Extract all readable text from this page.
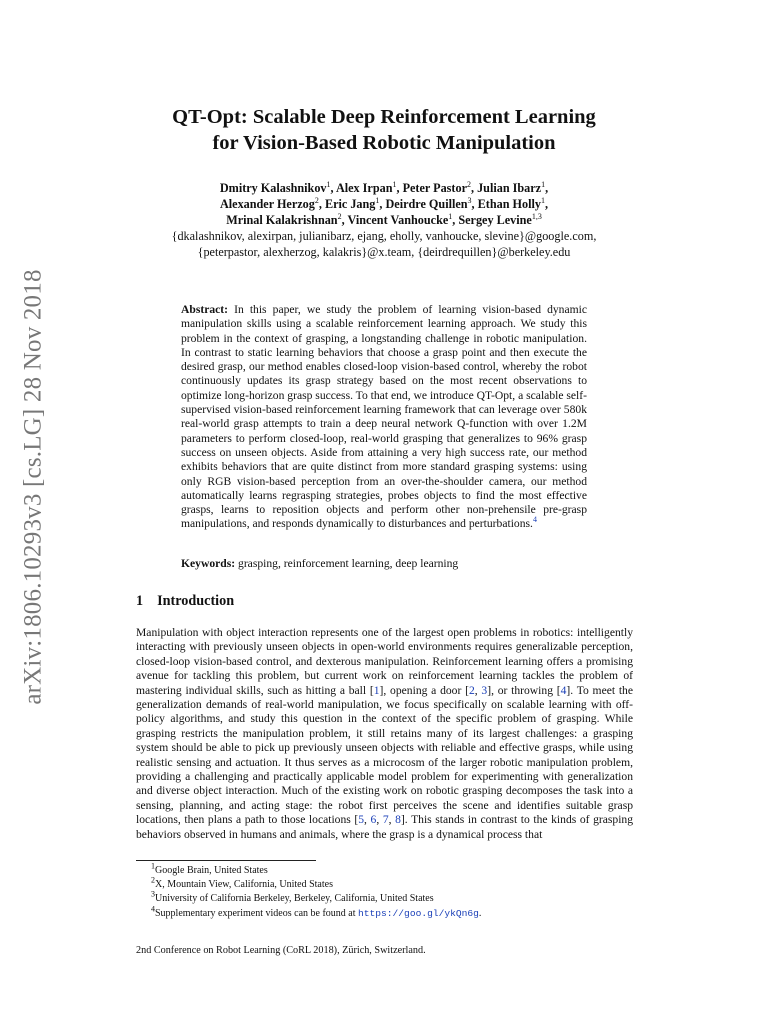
arXiv:1806.10293v3 [cs.LG] 28 Nov 2018
QT-Opt: Scalable Deep Reinforcement Learning
for Vision-Based Robotic Manipulation
Dmitry Kalashnikov$^1$, Alex Irpan$^1$, Peter Pastor$^2$, Julian Ibarz$^1$,
Alexander Herzog$^2$, Eric Jang$^1$, Deirdre Quillen$^3$, Ethan Holly$^1$,
Mrinal Kalakrishnan$^2$, Vincent Vanhoucke$^1$, Sergey Levine$^{1,3}$
{dkalashnikov, alexirpan, julianibarz, ejang, eholly, vanhoucke, slevine}@google.com,
{peterpastor, alexherzog, kalakris}@x.team, {deirdrequillen}@berkeley.edu
Abstract: In this paper, we study the problem of learning vision-based dynamic manipulation skills using a scalable reinforcement learning approach. We study this problem in the context of grasping, a longstanding challenge in robotic manipulation. In contrast to static learning behaviors that choose a grasp point and then execute the desired grasp, our method enables closed-loop vision-based control, whereby the robot continuously updates its grasp strategy based on the most recent observations to optimize long-horizon grasp success. To that end, we introduce QT-Opt, a scalable self-supervised vision-based reinforcement learning framework that can leverage over 580k real-world grasp attempts to train a deep neural network Q-function with over 1.2M parameters to perform closed-loop, real-world grasping that generalizes to 96% grasp success on unseen objects. Aside from attaining a very high success rate, our method exhibits behaviors that are quite distinct from more standard grasping systems: using only RGB vision-based perception from an over-the-shoulder camera, our method automatically learns regrasping strategies, probes objects to find the most effective grasps, learns to reposition objects and perform other non-prehensile pre-grasp manipulations, and responds dynamically to disturbances and perturbations.$^4$
Keywords: grasping, reinforcement learning, deep learning
1 Introduction
Manipulation with object interaction represents one of the largest open problems in robotics: intelligently interacting with previously unseen objects in open-world environments requires generalizable perception, closed-loop vision-based control, and dexterous manipulation. Reinforcement learning offers a promising avenue for tackling this problem, but current work on reinforcement learning tackles the problem of mastering individual skills, such as hitting a ball [1], opening a door [2, 3], or throwing [4]. To meet the generalization demands of real-world manipulation, we focus specifically on scalable learning with off-policy algorithms, and study this question in the context of the specific problem of grasping. While grasping restricts the manipulation problem, it still retains many of its largest challenges: a grasping system should be able to pick up previously unseen objects with reliable and effective grasps, while using realistic sensing and actuation. It thus serves as a microcosm of the larger robotic manipulation problem, providing a challenging and practically applicable model problem for experimenting with generalization and diverse object interaction. Much of the existing work on robotic grasping decomposes the task into a sensing, planning, and acting stage: the robot first perceives the scene and identifies suitable grasp locations, then plans a path to those locations [5, 6, 7, 8]. This stands in contrast to the kinds of grasping behaviors observed in humans and animals, where the grasp is a dynamical process that
$^1$Google Brain, United States
$^2$X, Mountain View, California, United States
$^3$University of California Berkeley, Berkeley, California, United States
$^4$Supplementary experiment videos can be found at https://goo.gl/ykQn6g.
2nd Conference on Robot Learning (CoRL 2018), Zürich, Switzerland.
